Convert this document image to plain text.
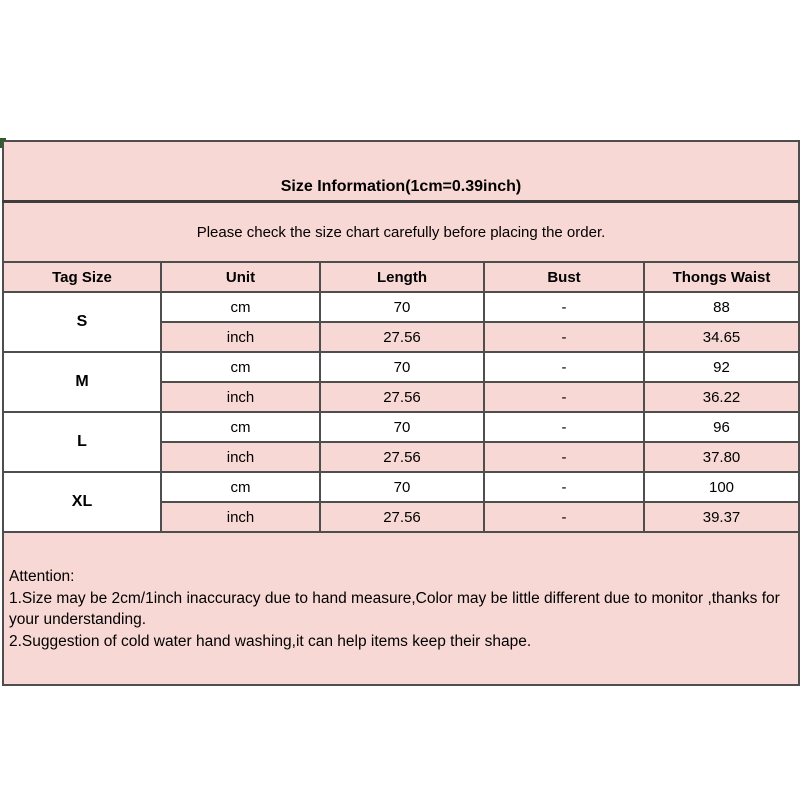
Size Information(1cm=0.39inch)				
Please check the size chart carefully before placing the order.				
Tag Size	Unit	Length	Bust	Thongs Waist
S	cm	70	-	88
	inch	27.56	-	34.65
M	cm	70	-	92
	inch	27.56	-	36.22
L	cm	70	-	96
	inch	27.56	-	37.80
XL	cm	70	-	100
	inch	27.56	-	39.37

Attention:
1.Size may be 2cm/1inch inaccuracy due to hand measure,Color may be little different due to monitor ,thanks for your understanding.
2.Suggestion of cold water hand washing,it can help items keep their shape.				
